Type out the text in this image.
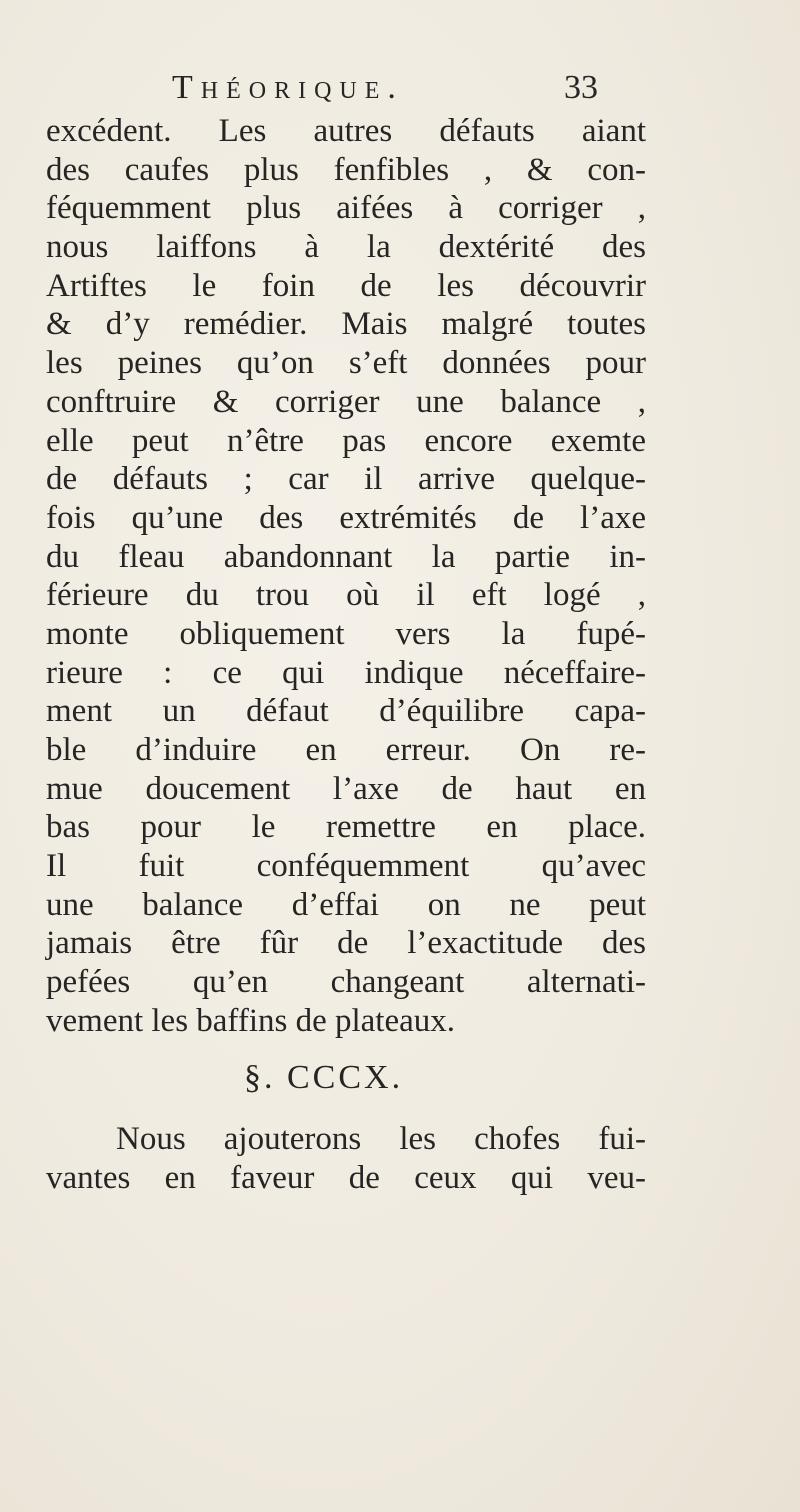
Théorique.	33
excédent. Les autres défauts aiant
des caufes plus fenfibles , & con-
féquemment plus aifées à corriger ,
nous laiffons à la dextérité des
Artiftes le foin de les découvrir
& d’y remédier. Mais malgré toutes
les peines qu’on s’eft données pour
conftruire & corriger une balance ,
elle peut n’être pas encore exemte
de défauts ; car il arrive quelque-
fois qu’une des extrémités de l’axe
du fleau abandonnant la partie in-
férieure du trou où il eft logé ,
monte obliquement vers la fupé-
rieure : ce qui indique néceffaire-
ment un défaut d’équilibre capa-
ble d’induire en erreur. On re-
mue doucement l’axe de haut en
bas pour le remettre en place.
Il fuit conféquemment qu’avec
une balance d’effai on ne peut
jamais être fûr de l’exactitude des
pefées qu’en changeant alternati-
vement les baffins de plateaux.
§. CCCX.
Nous ajouterons les chofes fui-
vantes en faveur de ceux qui veu-
